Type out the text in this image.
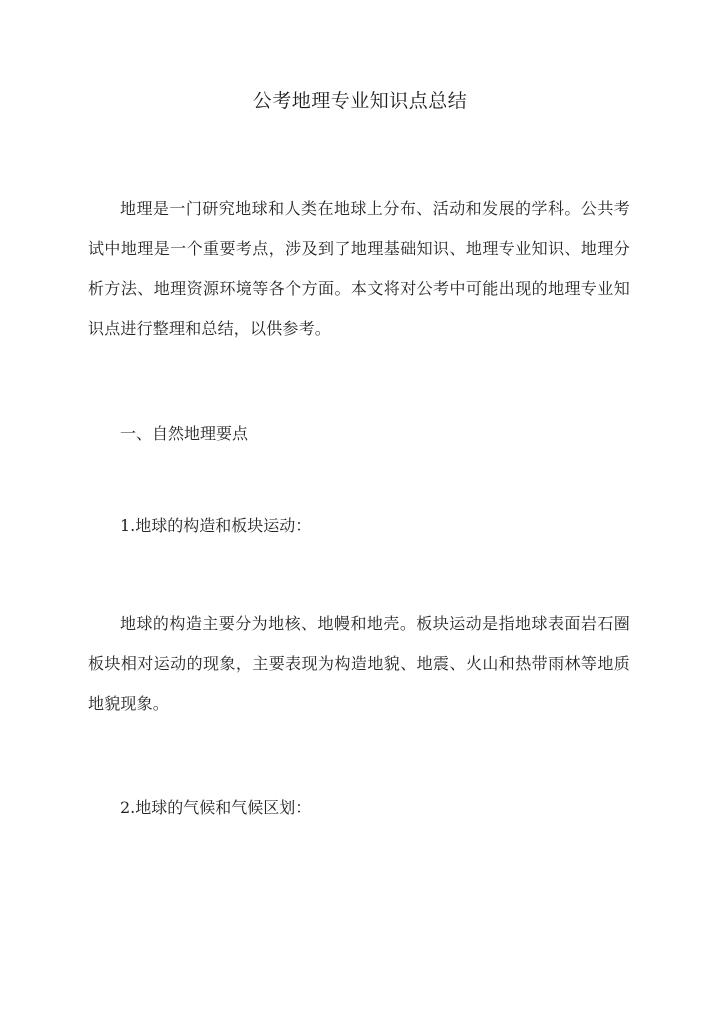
公考地理专业知识点总结
地理是一门研究地球和人类在地球上分布、活动和发展的学科。公共考试中地理是一个重要考点，涉及到了地理基础知识、地理专业知识、地理分析方法、地理资源环境等各个方面。本文将对公考中可能出现的地理专业知识点进行整理和总结，以供参考。
一、自然地理要点
1.地球的构造和板块运动：
地球的构造主要分为地核、地幔和地壳。板块运动是指地球表面岩石圈板块相对运动的现象，主要表现为构造地貌、地震、火山和热带雨林等地质地貌现象。
2.地球的气候和气候区划：
